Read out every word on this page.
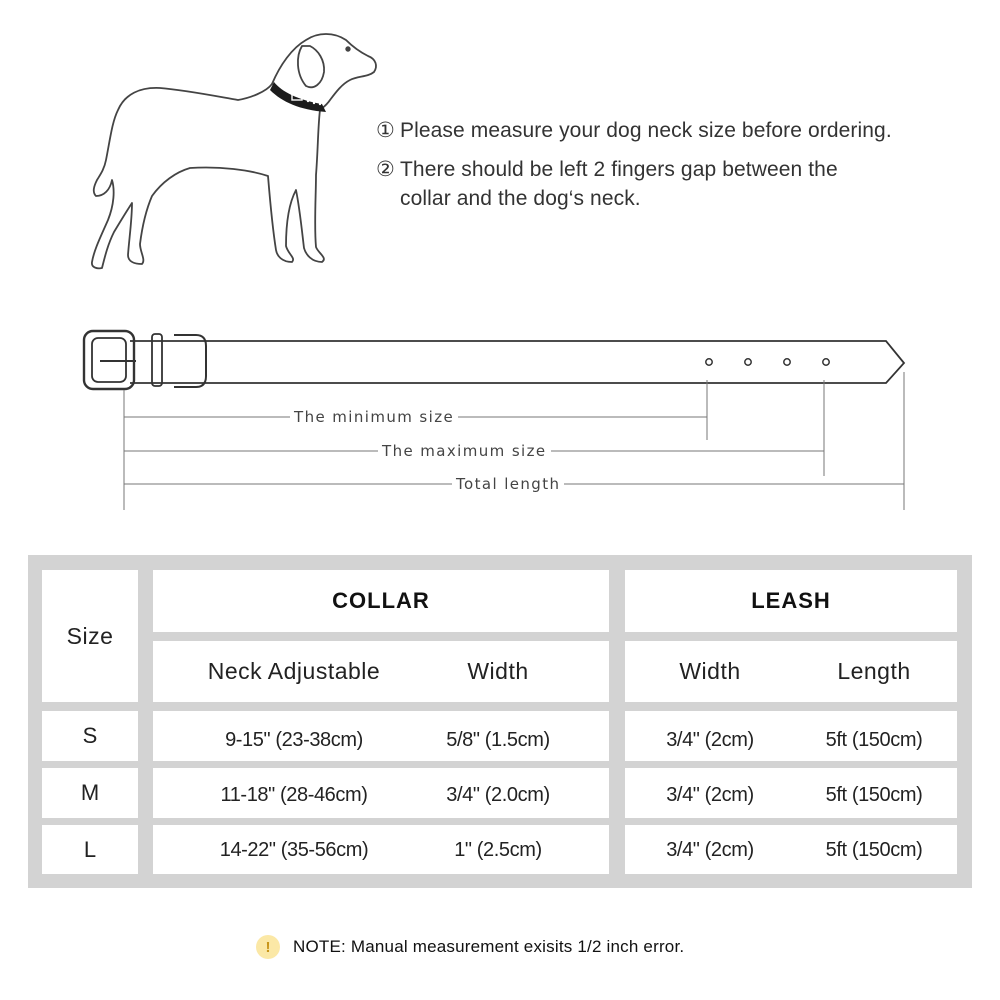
The minimum size
The maximum size
Total length
① Please measure your dog neck size before ordering.
② There should be left 2 fingers gap between the
collar and the dog‘s neck.
Size
COLLAR	LEASH
Neck Adjustable	Width	Width	Length
S	9-15" (23-38cm)	5/8" (1.5cm)	3/4" (2cm)	5ft (150cm)
M	11-18" (28-46cm)	3/4" (2.0cm)	3/4" (2cm)	5ft (150cm)
L	14-22" (35-56cm)	1" (2.5cm)	3/4" (2cm)	5ft (150cm)
!	NOTE: Manual measurement exisits 1/2 inch error.
